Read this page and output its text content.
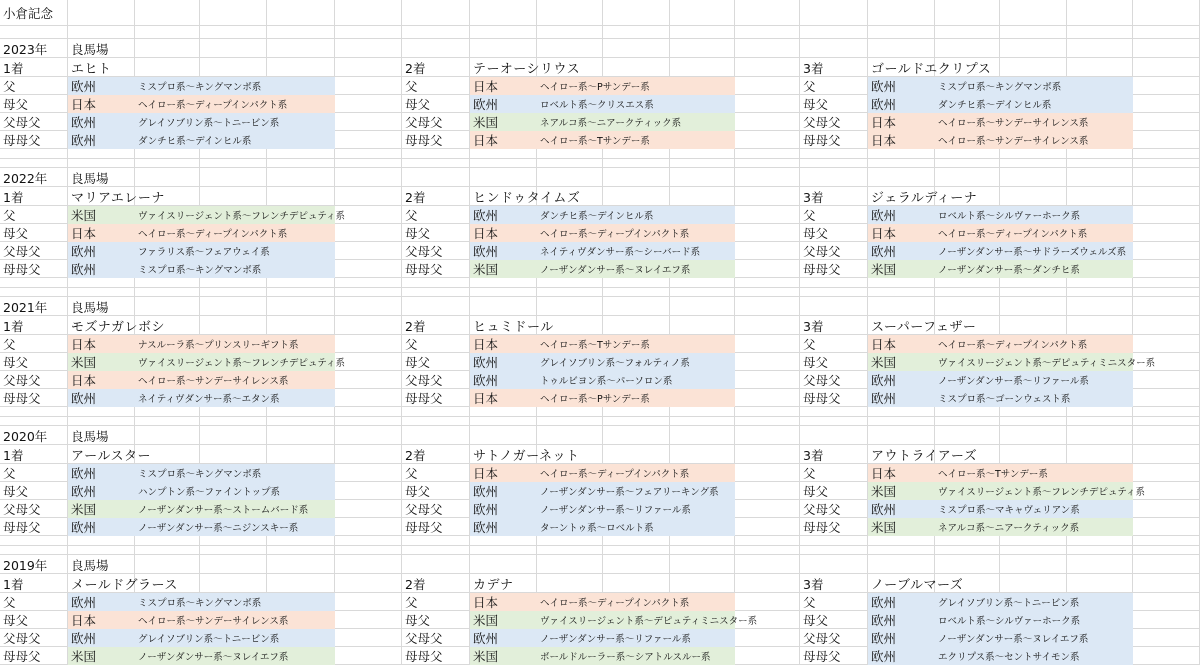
小倉記念
2023年 良馬場
1着	エヒト	2着	テーオーシリウス	3着	ゴールドエクリプス
父	欧州	ミスプロ系〜キングマンボ系	父	日本	ヘイロー系〜Pサンデー系	父	欧州	ミスプロ系〜キングマンボ系
母父	日本	ヘイロー系〜ディープインパクト系	母父	欧州	ロベルト系〜クリスエス系	母父	欧州	ダンチヒ系〜デインヒル系
父母父 欧州	グレイソブリン系〜トニービン系	父母父 米国	ネアルコ系〜ニアークティック系	父母父 日本	ヘイロー系〜サンデーサイレンス系
母母父 欧州	ダンチヒ系〜デインヒル系	母母父 日本	ヘイロー系〜Tサンデー系	母母父 日本	ヘイロー系〜サンデーサイレンス系
2022年 良馬場
1着	マリアエレーナ	2着	ヒンドゥタイムズ	3着	ジェラルディーナ
父	米国	ヴァイスリージェント系〜フレンチデピュティ系	父	欧州	ダンチヒ系〜デインヒル系	父	欧州	ロベルト系〜シルヴァーホーク系
母父	日本	ヘイロー系〜ディープインパクト系	母父	日本	ヘイロー系〜ディープインパクト系	母父	日本	ヘイロー系〜ディープインパクト系
父母父 欧州	ファラリス系〜フェアウェイ系	父母父 欧州	ネイティヴダンサー系〜シーバード系	父母父 欧州	ノーザンダンサー系〜サドラーズウェルズ系
母母父 欧州	ミスプロ系〜キングマンボ系	母母父 米国	ノーザンダンサー系〜ヌレイエフ系	母母父 米国	ノーザンダンサー系〜ダンチヒ系
2021年 良馬場
1着	モズナガレボシ	2着	ヒュミドール	3着	スーパーフェザー
父	日本	ナスルーラ系〜プリンスリーギフト系	父	日本	ヘイロー系〜Tサンデー系	父	日本	ヘイロー系〜ディープインパクト系
母父	米国	ヴァイスリージェント系〜フレンチデピュティ系	母父	欧州	グレイソブリン系〜フォルティノ系	母父	米国	ヴァイスリージェント系〜デピュティミニスター系
父母父 日本	ヘイロー系〜サンデーサイレンス系	父母父 欧州	トゥルビヨン系〜パーソロン系	父母父 欧州	ノーザンダンサー系〜リファール系
母母父 欧州	ネイティヴダンサー系〜エタン系	母母父 日本	ヘイロー系〜Pサンデー系	母母父 欧州	ミスプロ系〜ゴーンウェスト系
2020年 良馬場
1着	アールスター	2着	サトノガーネット	3着	アウトライアーズ
父	欧州	ミスプロ系〜キングマンボ系	父	日本	ヘイロー系〜ディープインパクト系	父	日本	ヘイロー系〜Tサンデー系
母父	欧州	ハンプトン系〜ファイントップ系	母父	欧州	ノーザンダンサー系〜フェアリーキング系	母父	米国	ヴァイスリージェント系〜フレンチデピュティ系
父母父 米国	ノーザンダンサー系〜ストームバード系	父母父 欧州	ノーザンダンサー系〜リファール系	父母父 欧州	ミスプロ系〜マキャヴェリアン系
母母父 欧州	ノーザンダンサー系〜ニジンスキー系	母母父 欧州	ターントゥ系〜ロベルト系	母母父 米国	ネアルコ系〜ニアークティック系
2019年 良馬場
1着	メールドグラース	2着	カデナ	3着	ノーブルマーズ
父	欧州	ミスプロ系〜キングマンボ系	父	日本	ヘイロー系〜ディープインパクト系	父	欧州	グレイソブリン系〜トニービン系
母父	日本	ヘイロー系〜サンデーサイレンス系	母父	米国	ヴァイスリージェント系〜デピュティミニスター系	母父	欧州	ロベルト系〜シルヴァーホーク系
父母父 欧州	グレイソブリン系〜トニービン系	父母父 欧州	ノーザンダンサー系〜リファール系	父母父 欧州	ノーザンダンサー系〜ヌレイエフ系
母母父 米国	ノーザンダンサー系〜ヌレイエフ系	母母父 米国	ボールドルーラー系〜シアトルスルー系	母母父 欧州	エクリプス系〜セントサイモン系
